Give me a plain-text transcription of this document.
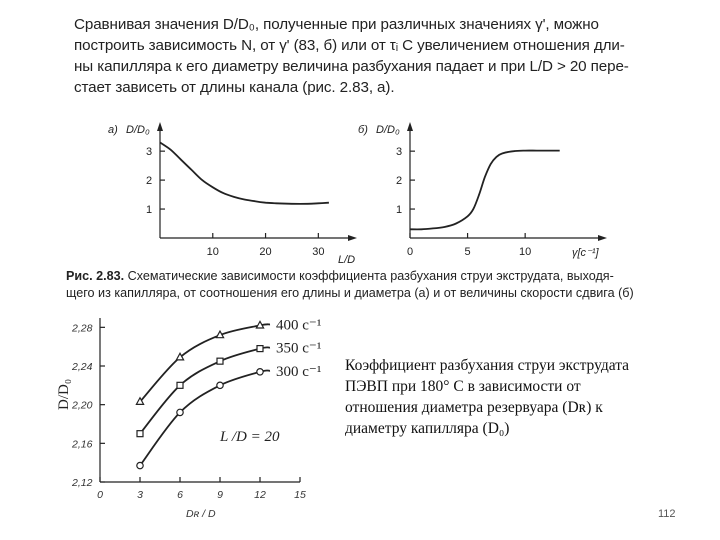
Сравнивая значения D/D₀, полученные при различных значениях γ', можно
построить зависимость N, от γ' (83, б) или от τᵢ С увеличением отношения дли-
ны капилляра к его диаметру величина разбухания падает и при L/D > 20 пере-
стает зависеть от длины канала (рис. 2.83, а).
а) D/D₀
1
2
3
10	20	30
L/D
б) D/D₀
1
2
3
0	5	10	γ[c⁻¹]
D/D₀
2,12
2,16
2,20
2,24
2,28
0	3	6	9	12	15
400 с⁻¹
350 с⁻¹
300 с⁻¹
L /D = 20
Dʀ / D
Рис. 2.83. Схематические зависимости коэффициента разбухания струи экструдата, выходя-
щего из капилляра, от соотношения его длины и диаметра (а) и от величины скорости сдвига (б)
Коэффициент разбухания струи экструдата
ПЭВП при 180° С в зависимости от
отношения диаметра резервуара (Dʀ) к
диаметру капилляра (D₀)
112
